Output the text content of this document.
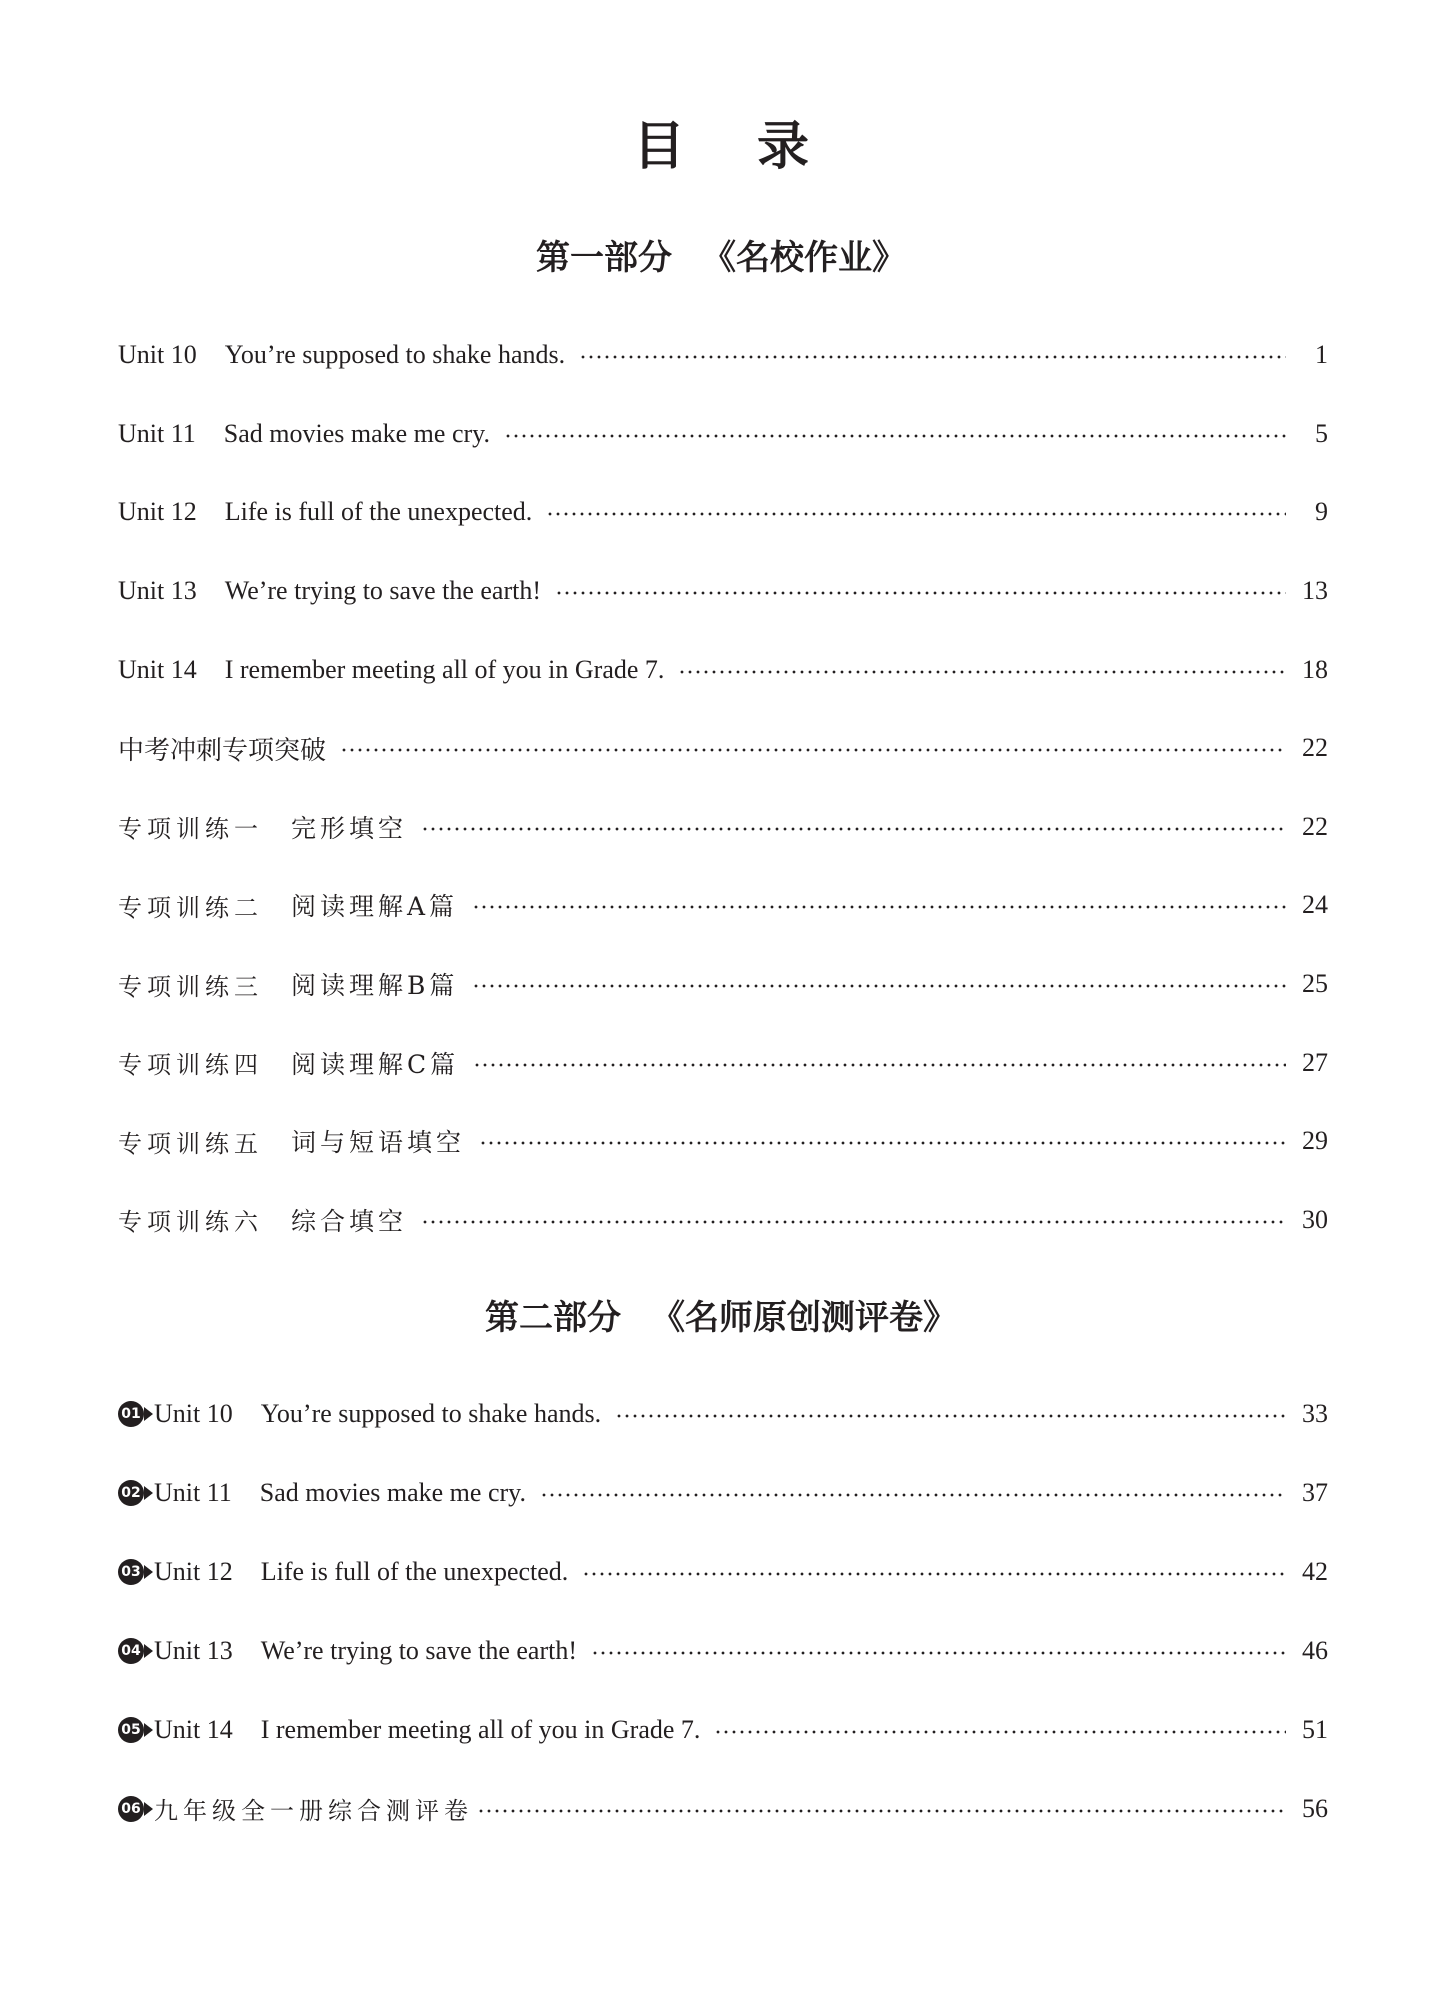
目录
第一部分 《名校作业》
Unit 10 You’re supposed to shake hands.	1
Unit 11 Sad movies make me cry.	5
Unit 12 Life is full of the unexpected.	9
Unit 13 We’re trying to save the earth!	13
Unit 14 I remember meeting all of you in Grade 7.	18
中考冲刺专项突破	22
专项训练一 完形填空	22
专项训练二 阅读理解A篇	24
专项训练三 阅读理解B篇	25
专项训练四 阅读理解C篇	27
专项训练五 词与短语填空	29
专项训练六 综合填空	30
第二部分 《名师原创测评卷》
01 Unit 10 You’re supposed to shake hands.	33
02 Unit 11 Sad movies make me cry.	37
03 Unit 12 Life is full of the unexpected.	42
04 Unit 13 We’re trying to save the earth!	46
05 Unit 14 I remember meeting all of you in Grade 7.	51
06 九年级全一册综合测评卷	56
